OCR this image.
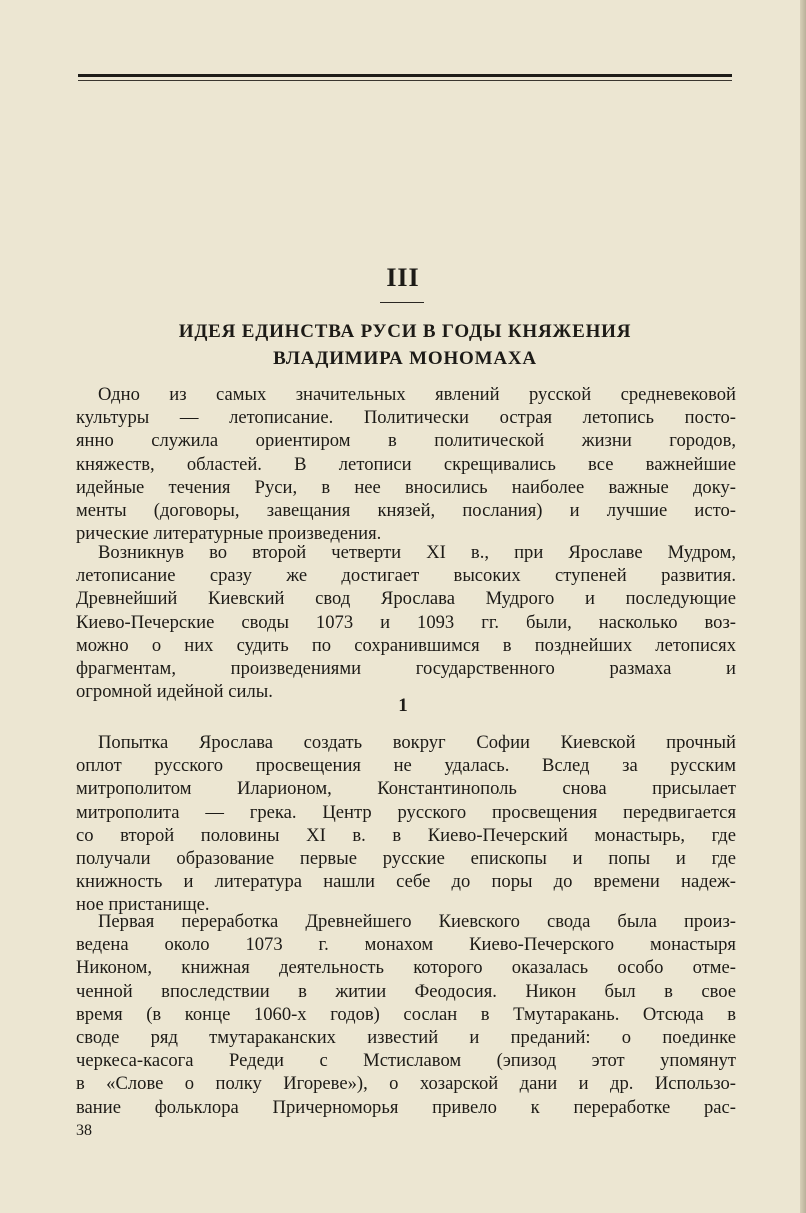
III
ИДЕЯ ЕДИНСТВА РУСИ В ГОДЫ КНЯЖЕНИЯ
ВЛАДИМИРА МОНОМАХА

Одно из самых значительных явлений русской средневековой
культуры — летописание. Политически острая летопись посто-
янно служила ориентиром в политической жизни городов,
княжеств, областей. В летописи скрещивались все важнейшие
идейные течения Руси, в нее вносились наиболее важные доку-
менты (договоры, завещания князей, послания) и лучшие исто-
рические литературные произведения.

Возникнув во второй четверти XI в., при Ярославе Мудром,
летописание сразу же достигает высоких ступеней развития.
Древнейший Киевский свод Ярослава Мудрого и последующие
Киево-Печерские своды 1073 и 1093 гг. были, насколько воз-
можно о них судить по сохранившимся в позднейших летописях
фрагментам, произведениями государственного размаха и
огромной идейной силы.

1

Попытка Ярослава создать вокруг Софии Киевской прочный
оплот русского просвещения не удалась. Вслед за русским
митрополитом Иларионом, Константинополь снова присылает
митрополита — грека. Центр русского просвещения передвигается
со второй половины XI в. в Киево-Печерский монастырь, где
получали образование первые русские епископы и попы и где
книжность и литература нашли себе до поры до времени надеж-
ное пристанище.

Первая переработка Древнейшего Киевского свода была произ-
ведена около 1073 г. монахом Киево-Печерского монастыря
Никоном, книжная деятельность которого оказалась особо отме-
ченной впоследствии в житии Феодосия. Никон был в свое
время (в конце 1060-х годов) сослан в Тмутаракань. Отсюда в
своде ряд тмутараканских известий и преданий: о поединке
черкеса-касога Редеди с Мстиславом (эпизод этот упомянут
в «Слове о полку Игореве»), о хозарской дани и др. Использо-
вание фольклора Причерноморья привело к переработке рас-

38
